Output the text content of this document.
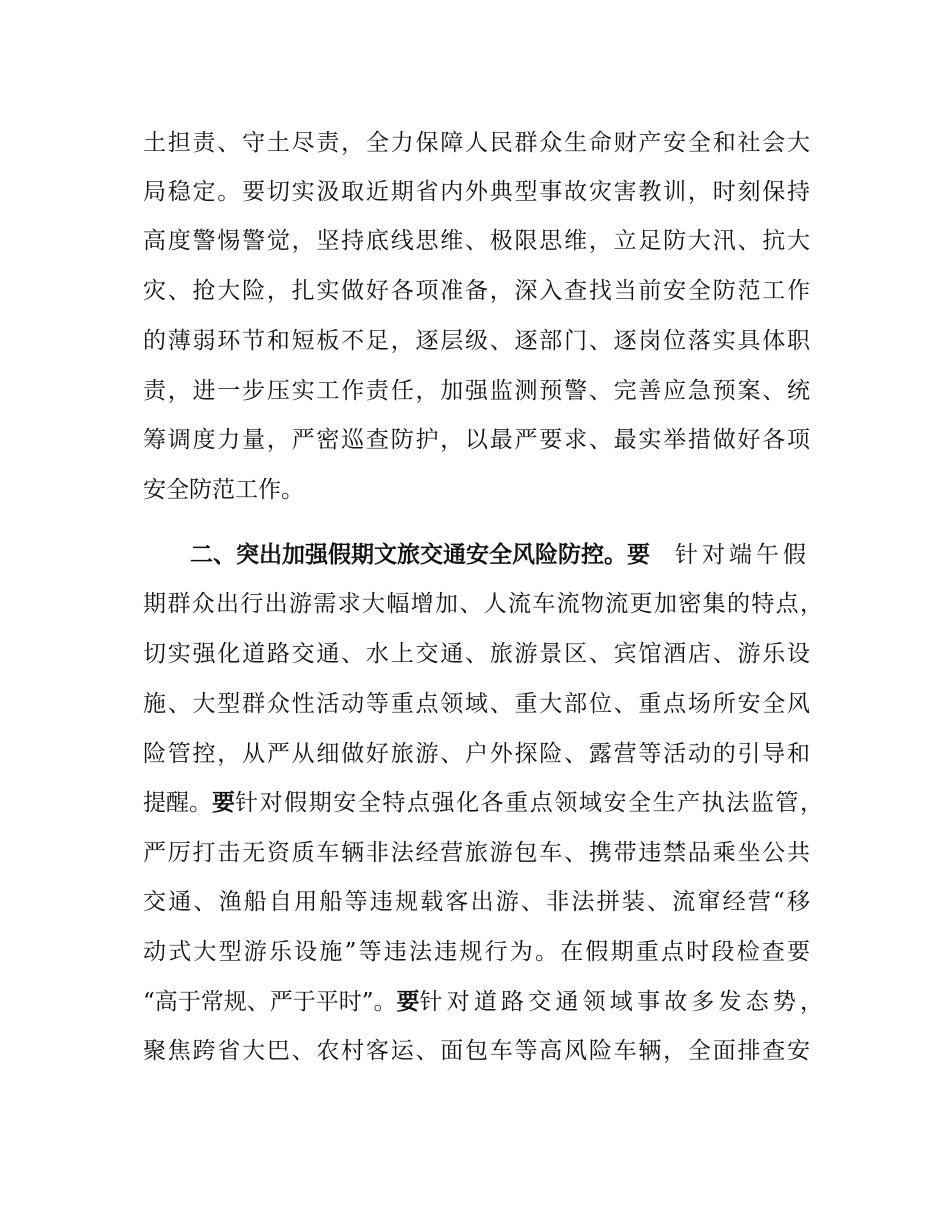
土担责、守土尽责，全力保障人民群众生命财产安全和社会大
局稳定。要切实汲取近期省内外典型事故灾害教训，时刻保持
高度警惕警觉，坚持底线思维、极限思维，立足防大汛、抗大
灾、抢大险，扎实做好各项准备，深入查找当前安全防范工作
的薄弱环节和短板不足，逐层级、逐部门、逐岗位落实具体职
责，进一步压实工作责任，加强监测预警、完善应急预案、统
筹调度力量，严密巡查防护，以最严要求、最实举措做好各项
安全防范工作。
二、突出加强假期文旅交通安全风险防控。 要 针对端午假
期群众出行出游需求大幅增加、人流车流物流更加密集的特点，
切实强化道路交通、水上交通、旅游景区、宾馆酒店、游乐设
施、大型群众性活动等重点领域、重大部位、重点场所安全风
险管控，从严从细做好旅游、户外探险、露营等活动的引导和
提醒。 要 针对假期安全特点强化各重点领域安全生产执法监管，
严厉打击无资质车辆非法经营旅游包车、携带违禁品乘坐公共
交通、渔船自用船等违规载客出游、非法拼装、流窜经营“移
动式大型游乐设施”等违法违规行为。在假期重点时段检查要
“高于常规、严于平时”。 要 针对道路交通领域事故多发态势，
聚焦跨省大巴、农村客运、面包车等高风险车辆，全面排查安
